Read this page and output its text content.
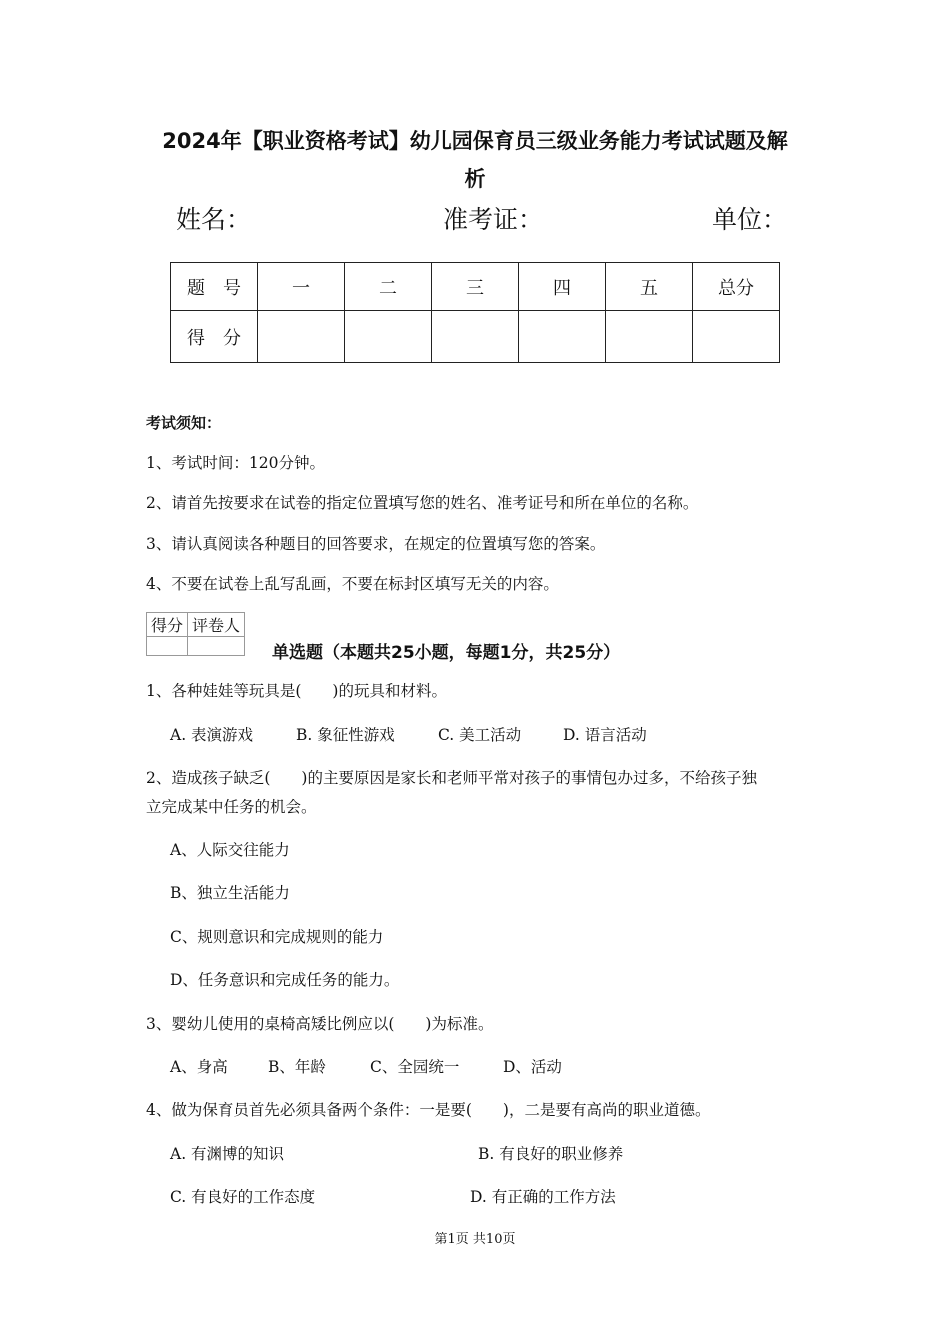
2024年【职业资格考试】幼儿园保育员三级业务能力考试试题及解
析
姓名：	准考证：	单位：
题　号	一	二	三	四	五	总分
得　分						
考试须知：
1、考试时间：120分钟。
2、请首先按要求在试卷的指定位置填写您的姓名、准考证号和所在单位的名称。
3、请认真阅读各种题目的回答要求，在规定的位置填写您的答案。
4、不要在试卷上乱写乱画，不要在标封区填写无关的内容。
得分	评卷人

单选题（本题共25小题，每题1分，共25分）
1、各种娃娃等玩具是(　　)的玩具和材料。
A. 表演游戏	B. 象征性游戏	C. 美工活动	D. 语言活动
2、造成孩子缺乏(　　)的主要原因是家长和老师平常对孩子的事情包办过多，不给孩子独
立完成某中任务的机会。
A、人际交往能力
B、独立生活能力
C、规则意识和完成规则的能力
D、任务意识和完成任务的能力。
3、婴幼儿使用的桌椅高矮比例应以(　　)为标准。
A、身高	B、年龄	C、全园统一	D、活动
4、做为保育员首先必须具备两个条件：一是要(　　)，二是要有高尚的职业道德。
A. 有渊博的知识	B. 有良好的职业修养
C. 有良好的工作态度	D. 有正确的工作方法
第1页 共10页
